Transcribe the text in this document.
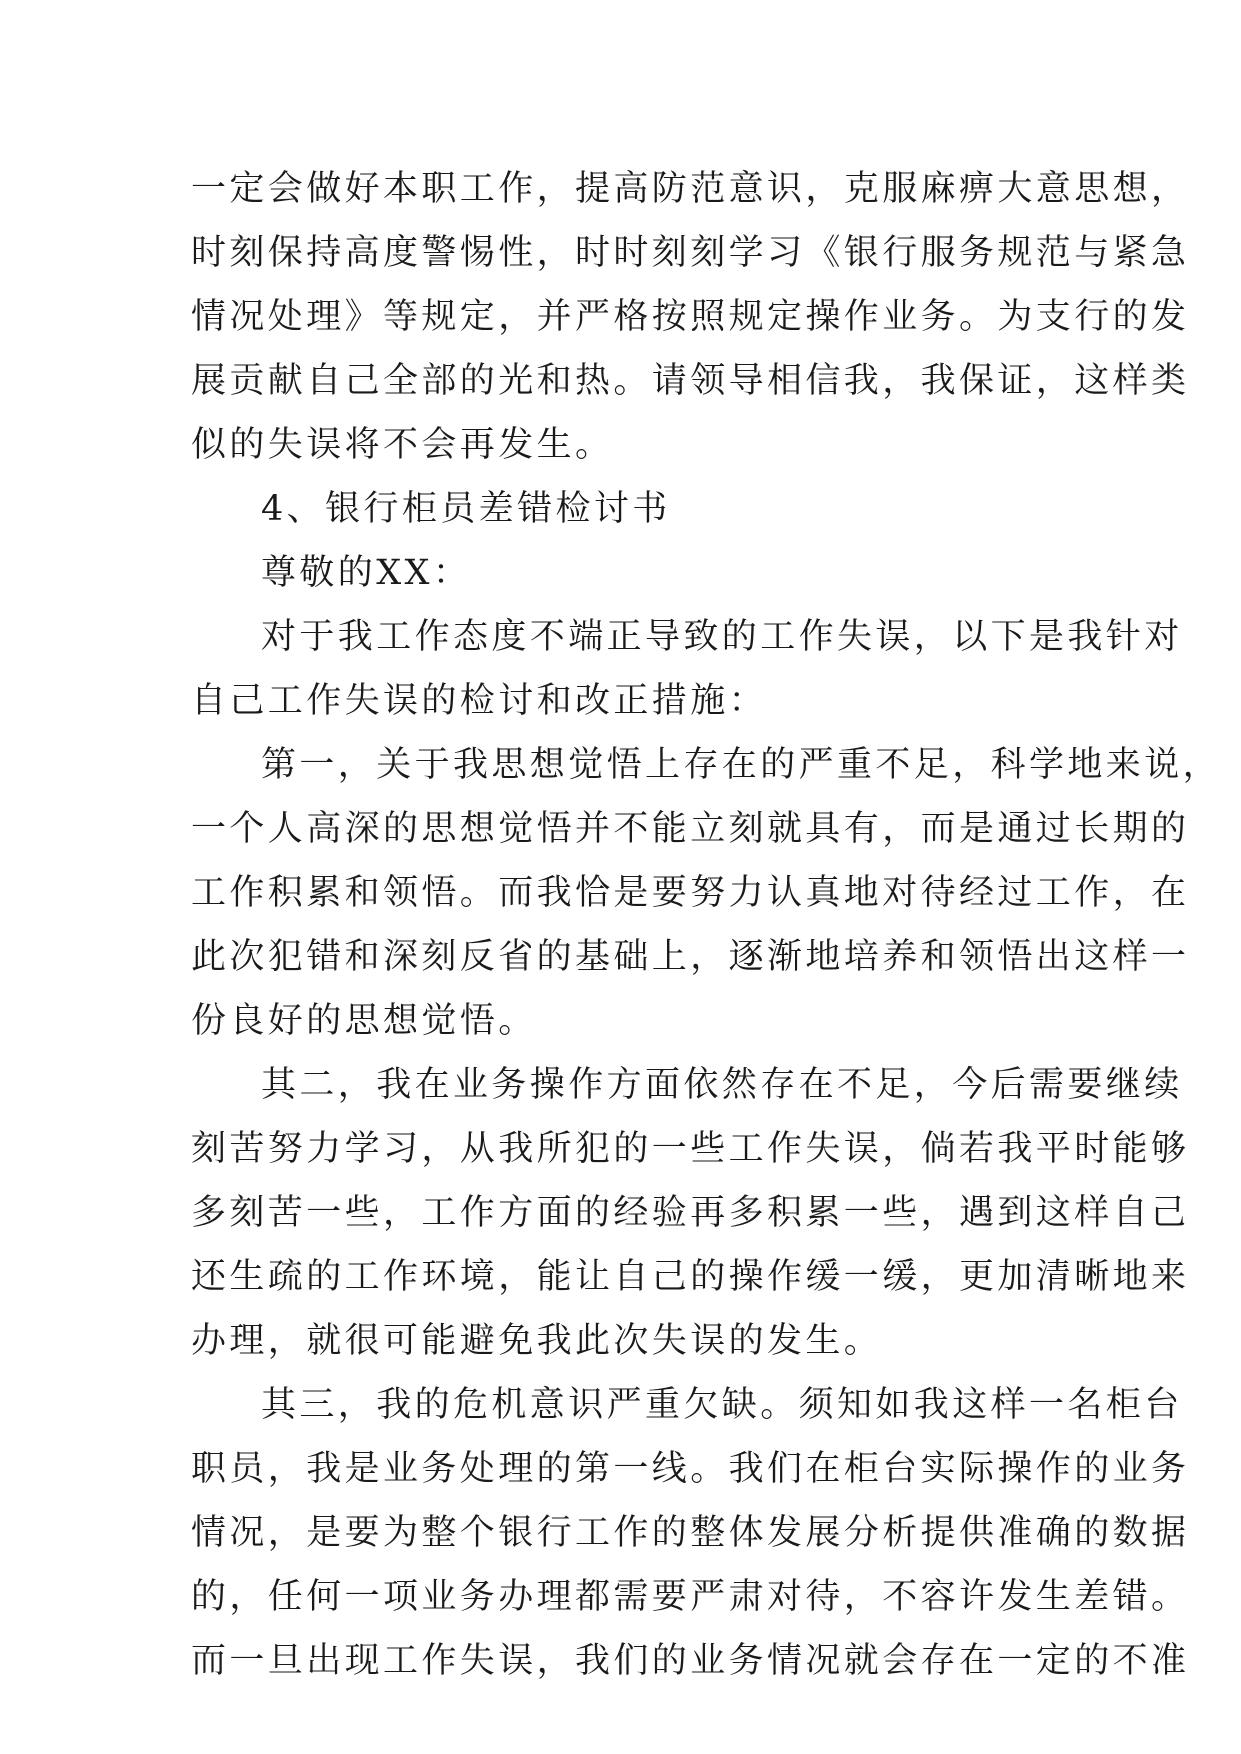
一定会做好本职工作，提高防范意识，克服麻痹大意思想，
时刻保持高度警惕性，时时刻刻学习《银行服务规范与紧急
情况处理》等规定，并严格按照规定操作业务。为支行的发
展贡献自己全部的光和热。请领导相信我，我保证，这样类
似的失误将不会再发生。
4、银行柜员差错检讨书
尊敬的XX：
对于我工作态度不端正导致的工作失误，以下是我针对
自己工作失误的检讨和改正措施：
第一，关于我思想觉悟上存在的严重不足，科学地来说，
一个人高深的思想觉悟并不能立刻就具有，而是通过长期的
工作积累和领悟。而我恰是要努力认真地对待经过工作，在
此次犯错和深刻反省的基础上，逐渐地培养和领悟出这样一
份良好的思想觉悟。
其二，我在业务操作方面依然存在不足，今后需要继续
刻苦努力学习，从我所犯的一些工作失误，倘若我平时能够
多刻苦一些，工作方面的经验再多积累一些，遇到这样自己
还生疏的工作环境，能让自己的操作缓一缓，更加清晰地来
办理，就很可能避免我此次失误的发生。
其三，我的危机意识严重欠缺。须知如我这样一名柜台
职员，我是业务处理的第一线。我们在柜台实际操作的业务
情况，是要为整个银行工作的整体发展分析提供准确的数据
的，任何一项业务办理都需要严肃对待，不容许发生差错。
而一旦出现工作失误，我们的业务情况就会存在一定的不准
